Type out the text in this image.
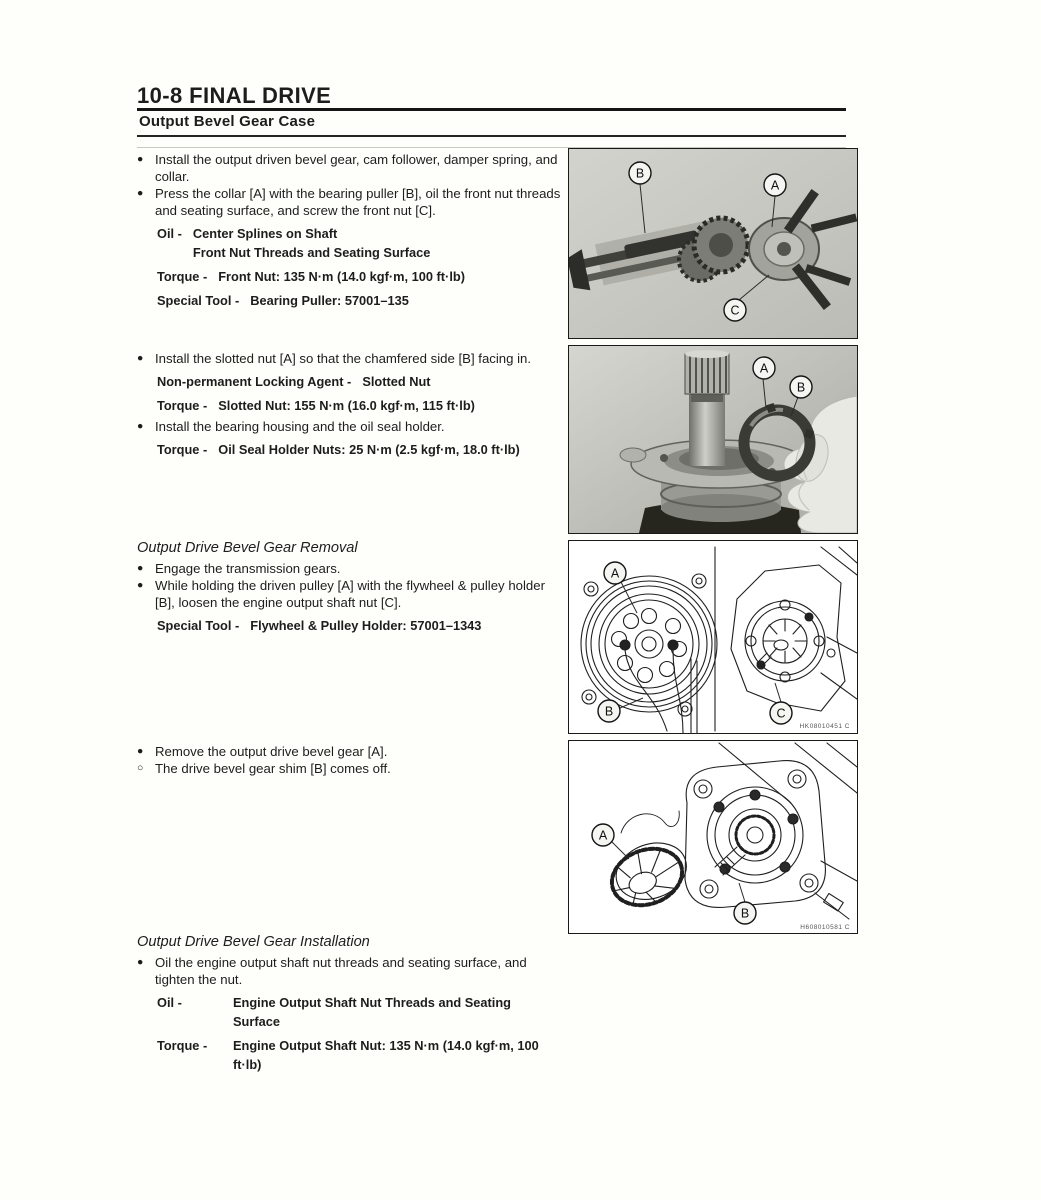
10-8 FINAL DRIVE
Output Bevel Gear Case
● Install the output driven bevel gear, cam follower, damper spring, and
collar.
● Press the collar [A] with the bearing puller [B], oil the front nut threads
and seating surface, and screw the front nut [C].
Oil - Center Splines on Shaft
Front Nut Threads and Seating Surface
Torque - Front Nut: 135 N·m (14.0 kgf·m, 100 ft·lb)
Special Tool - Bearing Puller: 57001–135
● Install the slotted nut [A] so that the chamfered side [B] facing in.
Non-permanent Locking Agent - Slotted Nut
Torque - Slotted Nut: 155 N·m (16.0 kgf·m, 115 ft·lb)
● Install the bearing housing and the oil seal holder.
Torque - Oil Seal Holder Nuts: 25 N·m (2.5 kgf·m, 18.0 ft·lb)
Output Drive Bevel Gear Removal
● Engage the transmission gears.
● While holding the driven pulley [A] with the flywheel & pulley holder
[B], loosen the engine output shaft nut [C].
Special Tool - Flywheel & Pulley Holder: 57001–1343
● Remove the output drive bevel gear [A].
○ The drive bevel gear shim [B] comes off.
Output Drive Bevel Gear Installation
● Oil the engine output shaft nut threads and seating surface, and
tighten the nut.
Oil -	Engine Output Shaft Nut Threads and Seating Surface
Torque -	Engine Output Shaft Nut: 135 N·m (14.0 kgf·m, 100 ft·lb)
B
A
C
A
B
A
B	C
HK08010451 C
A
B
H608010581 C
